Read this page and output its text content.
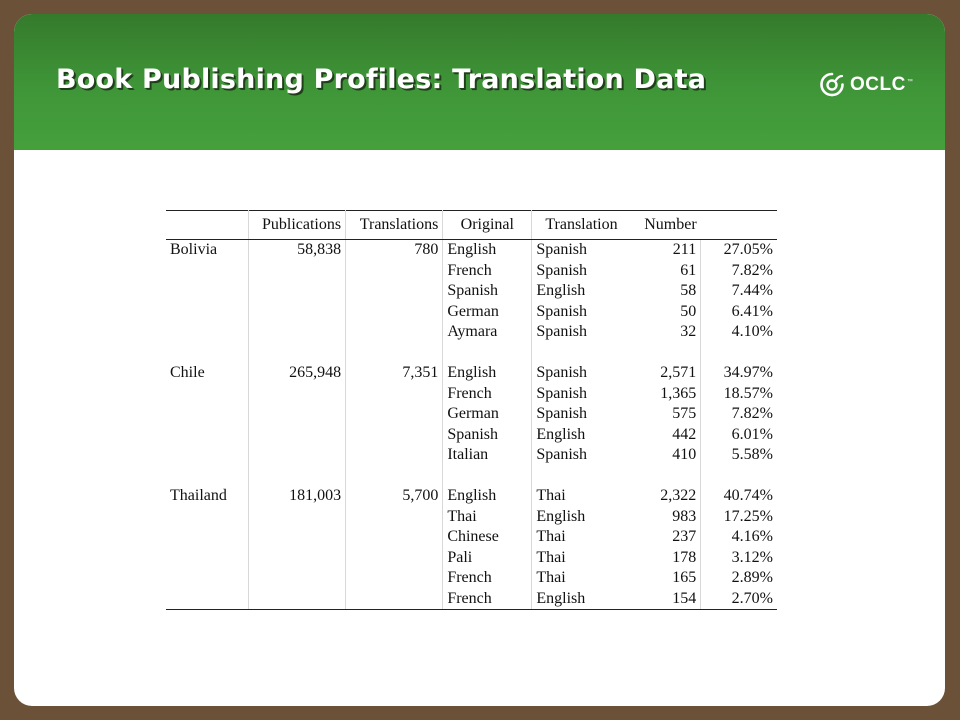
Book Publishing Profiles: Translation Data	OCLC™
	Publications	Translations	Original	Translation	Number	
Bolivia	58,838	780	English	Spanish	211	27.05%
			French	Spanish	61	7.82%
			Spanish	English	58	7.44%
			German	Spanish	50	6.41%
			Aymara	Spanish	32	4.10%

Chile	265,948	7,351	English	Spanish	2,571	34.97%
			French	Spanish	1,365	18.57%
			German	Spanish	575	7.82%
			Spanish	English	442	6.01%
			Italian	Spanish	410	5.58%

Thailand	181,003	5,700	English	Thai	2,322	40.74%
			Thai	English	983	17.25%
			Chinese	Thai	237	4.16%
			Pali	Thai	178	3.12%
			French	Thai	165	2.89%
			French	English	154	2.70%
